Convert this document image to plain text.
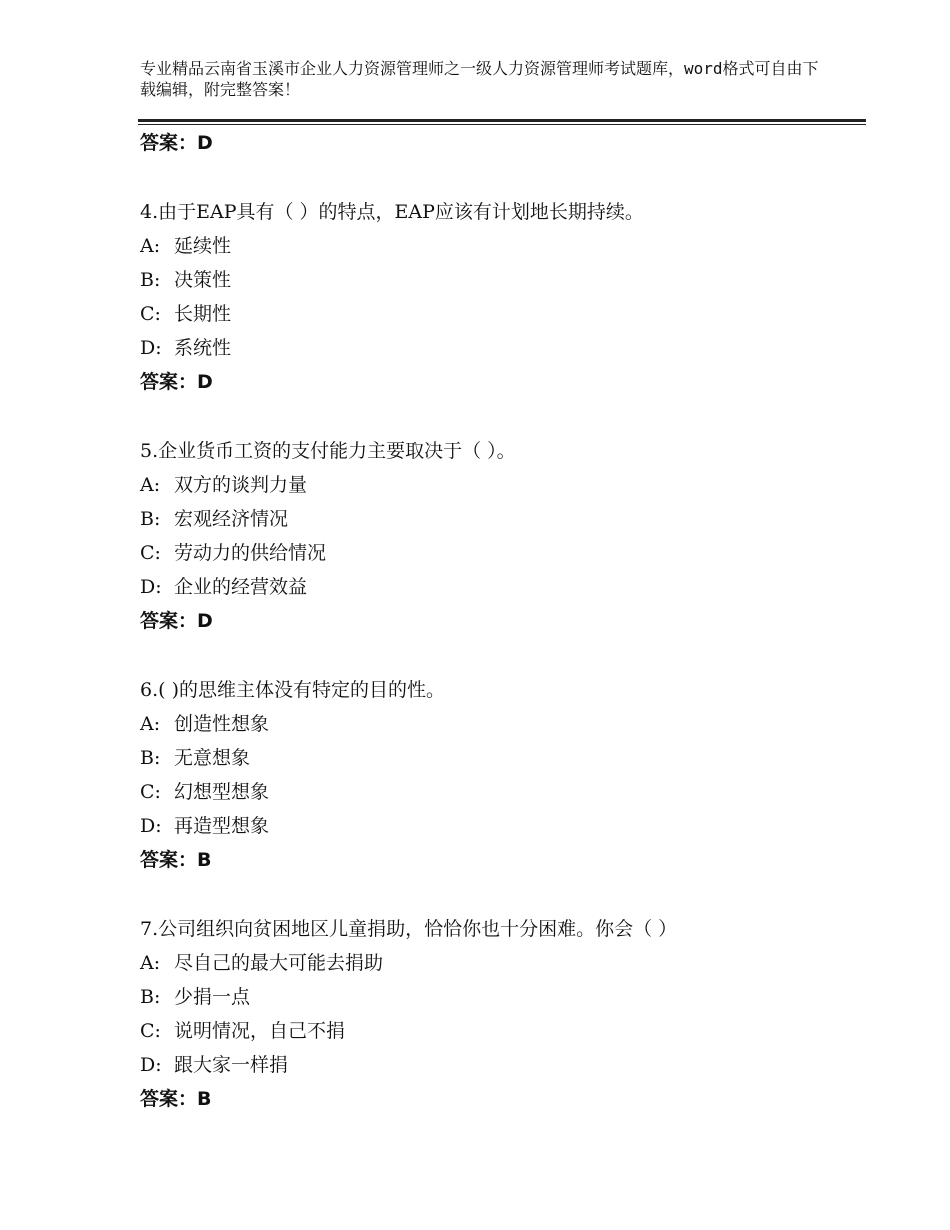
专业精品云南省玉溪市企业人力资源管理师之一级人力资源管理师考试题库，word格式可自由下载编辑，附完整答案！
答案：D
4.由于EAP具有（ ）的特点，EAP应该有计划地长期持续。
A: 延续性
B: 决策性
C: 长期性
D: 系统性
答案：D
5.企业货币工资的支付能力主要取决于（ ）。
A: 双方的谈判力量
B: 宏观经济情况
C: 劳动力的供给情况
D: 企业的经营效益
答案：D
6.( )的思维主体没有特定的目的性。
A: 创造性想象
B: 无意想象
C: 幻想型想象
D: 再造型想象
答案：B
7.公司组织向贫困地区儿童捐助，恰恰你也十分困难。你会（ ）
A: 尽自己的最大可能去捐助
B: 少捐一点
C: 说明情况，自己不捐
D: 跟大家一样捐
答案：B
